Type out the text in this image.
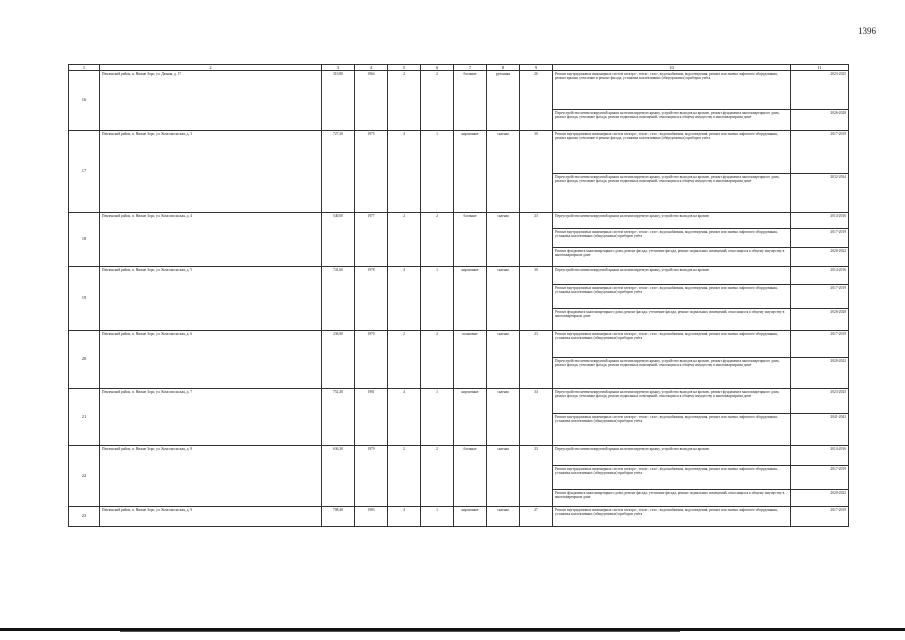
1396
1	2	3	4	5	6	7	8	9	10	11
16	Пензенский район, п. Нижне Зоро, ул. Дачная, д. 17	310,80	1964	2	2	блочные	рулонная	26	Ремонт внутридомовых инженерных систем электро-, тепло-, газо-, водоснабжения, водоотведения, ремонт или замена лифтового оборудования, ремонт крыши, утепление и ремонт фасада, установка коллективных (общедомовых) приборов учёта	2023-2025
									Переустройство невентилируемой крыши на вентилируемую крышу, устройство выходов на кровлю, ремонт фундамента многоквартирного дома, ремонт фасада, утепление фасада, ремонт подвальных помещений, относящихся к общему имуществу в многоквартирном доме	2026-2028
17	Пензенский район, п. Нижне Зоро, ул. Комсомольская, д. 3	727,30	1975	4	1	кирпичные	скатная	30	Ремонт внутридомовых инженерных систем электро-, тепло-, газо-, водоснабжения, водоотведения, ремонт или замена лифтового оборудования, ремонт крыши, утепление и ремонт фасада, установка коллективных (общедомовых) приборов учёта	2017-2019
									Переустройство невентилируемой крыши на вентилируемую крышу, устройство выходов на кровлю, ремонт фундамента многоквартирного дома, ремонт фасада, утепление фасада, ремонт подвальных помещений, относящихся к общему имуществу в многоквартирном доме	2032-2034
18	Пензенский район, п. Нижне Зоро, ул. Комсомольская, д. 4	540,00	1977	2	2	блочные	скатная	23	Переустройство невентилируемой крыши на вентилируемую крышу, устройство выходов на кровлю	2014-2016
									Ремонт внутридомовых инженерных систем электро-, тепло-, газо-, водоснабжения, водоотведения, ремонт или замена лифтового оборудования, установка коллективных (общедомовых) приборов учёта	2017-2019
									Ремонт фундамента многоквартирного дома, ремонт фасада, утепление фасада, ремонт подвальных помещений, относящихся к общему имуществу в многоквартирном доме	2020-2022
19	Пензенский район, п. Нижне Зоро, ул. Комсомольская, д. 5	741,60	1978	4	1	кирпичные	скатная	30	Переустройство невентилируемой крыши на вентилируемую крышу, устройство выходов на кровлю	2014-2016
									Ремонт внутридомовых инженерных систем электро-, тепло-, газо-, водоснабжения, водоотведения, ремонт или замена лифтового оборудования, установка коллективных (общедомовых) приборов учёта	2017-2019
									Ремонт фундамента многоквартирного дома, ремонт фасада, утепление фасада, ремонт подвальных помещений, относящихся к общему имуществу в многоквартирном доме	2026-2028
20	Пензенский район, п. Нижне Зоро, ул. Комсомольская, д. 6	236,90	1970	2	2	шлаковые	скатная	23	Ремонт внутридомовых инженерных систем электро-, тепло-, газо-, водоснабжения, водоотведения, ремонт или замена лифтового оборудования, установка коллективных (общедомовых) приборов учёта	2017-2019
									Переустройство невентилируемой крыши на вентилируемую крышу, устройство выходов на кровлю, ремонт фундамента многоквартирного дома, ремонт фасада, утепление фасада, ремонт подвальных помещений, относящихся к общему имуществу в многоквартирном доме	2020-2022
21	Пензенский район, п. Нижне Зоро, ул. Комсомольская, д. 7	752,40	1981	4	1	кирпичные	скатная	34	Переустройство невентилируемой крыши на вентилируемую крышу, устройство выходов на кровлю, ремонт фундамента многоквартирного дома, ремонт фасада, утепление фасада, ремонт подвальных помещений, относящихся к общему имуществу в многоквартирном доме	2023-2025
									Ремонт внутридомовых инженерных систем электро-, тепло-, газо-, водоснабжения, водоотведения, ремонт или замена лифтового оборудования, установка коллективных (общедомовых) приборов учёта	2041-2043
22	Пензенский район, п. Нижне Зоро, ул. Комсомольская, д. 8	636,30	1979	2	2	блочные	скатная	23	Переустройство невентилируемой крыши на вентилируемую крышу, устройство выходов на кровлю	2014-2016
									Ремонт внутридомовых инженерных систем электро-, тепло-, газо-, водоснабжения, водоотведения, ремонт или замена лифтового оборудования, установка коллективных (общедомовых) приборов учёта	2017-2019
									Ремонт фундамента многоквартирного дома, ремонт фасада, утепление фасада, ремонт подвальных помещений, относящихся к общему имуществу в многоквартирном доме	2020-2022
23	Пензенский район, п. Нижне Зоро, ул. Комсомольская, д. 9	708,40	1983	4	1	кирпичные	скатная	27	Ремонт внутридомовых инженерных систем электро-, тепло-, газо-, водоснабжения, водоотведения, ремонт или замена лифтового оборудования, установка коллективных (общедомовых) приборов учёта	2017-2019
